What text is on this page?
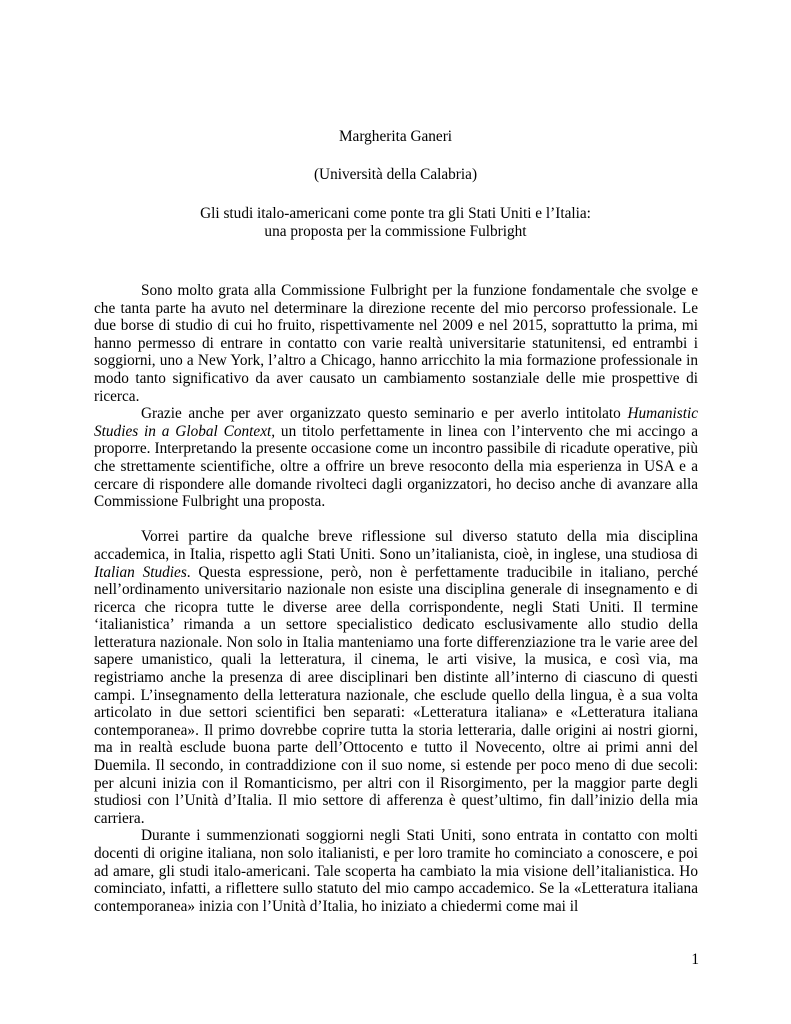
Margherita Ganeri
(Università della Calabria)
Gli studi italo-americani come ponte tra gli Stati Uniti e l’Italia:
una proposta per la commissione Fulbright

Sono molto grata alla Commissione Fulbright per la funzione fondamentale che svolge e che tanta parte ha avuto nel determinare la direzione recente del mio percorso professionale. Le due borse di studio di cui ho fruito, rispettivamente nel 2009 e nel 2015, soprattutto la prima, mi hanno permesso di entrare in contatto con varie realtà universitarie statunitensi, ed entrambi i soggiorni, uno a New York, l’altro a Chicago, hanno arricchito la mia formazione professionale in modo tanto significativo da aver causato un cambiamento sostanziale delle mie prospettive di ricerca.

Grazie anche per aver organizzato questo seminario e per averlo intitolato Humanistic Studies in a Global Context, un titolo perfettamente in linea con l’intervento che mi accingo a proporre. Interpretando la presente occasione come un incontro passibile di ricadute operative, più che strettamente scientifiche, oltre a offrire un breve resoconto della mia esperienza in USA e a cercare di rispondere alle domande rivolteci dagli organizzatori, ho deciso anche di avanzare alla Commissione Fulbright una proposta.

Vorrei partire da qualche breve riflessione sul diverso statuto della mia disciplina accademica, in Italia, rispetto agli Stati Uniti. Sono un’italianista, cioè, in inglese, una studiosa di Italian Studies. Questa espressione, però, non è perfettamente traducibile in italiano, perché nell’ordinamento universitario nazionale non esiste una disciplina generale di insegnamento e di ricerca che ricopra tutte le diverse aree della corrispondente, negli Stati Uniti. Il termine ‘italianistica’ rimanda a un settore specialistico dedicato esclusivamente allo studio della letteratura nazionale. Non solo in Italia manteniamo una forte differenziazione tra le varie aree del sapere umanistico, quali la letteratura, il cinema, le arti visive, la musica, e così via, ma registriamo anche la presenza di aree disciplinari ben distinte all’interno di ciascuno di questi campi. L’insegnamento della letteratura nazionale, che esclude quello della lingua, è a sua volta articolato in due settori scientifici ben separati: «Letteratura italiana» e «Letteratura italiana contemporanea». Il primo dovrebbe coprire tutta la storia letteraria, dalle origini ai nostri giorni, ma in realtà esclude buona parte dell’Ottocento e tutto il Novecento, oltre ai primi anni del Duemila. Il secondo, in contraddizione con il suo nome, si estende per poco meno di due secoli: per alcuni inizia con il Romanticismo, per altri con il Risorgimento, per la maggior parte degli studiosi con l’Unità d’Italia. Il mio settore di afferenza è quest’ultimo, fin dall’inizio della mia carriera.

Durante i summenzionati soggiorni negli Stati Uniti, sono entrata in contatto con molti docenti di origine italiana, non solo italianisti, e per loro tramite ho cominciato a conoscere, e poi ad amare, gli studi italo-americani. Tale scoperta ha cambiato la mia visione dell’italianistica. Ho cominciato, infatti, a riflettere sullo statuto del mio campo accademico. Se la «Letteratura italiana contemporanea» inizia con l’Unità d’Italia, ho iniziato a chiedermi come mai il

1
